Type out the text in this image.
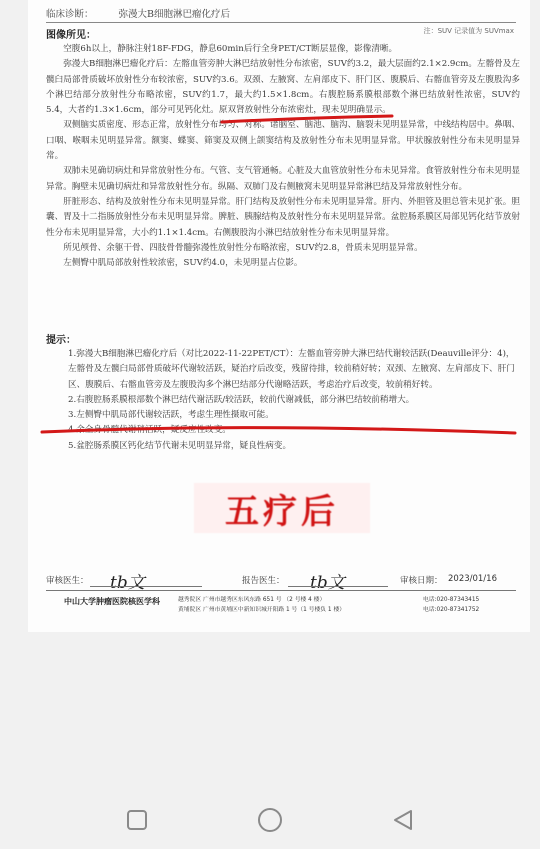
临床诊断：	弥漫大B细胞淋巴瘤化疗后
图像所见：	注：SUV 记录值为 SUVmax

空腹6h以上，静脉注射18F-FDG，静息60min后行全身PET/CT断层显像，影像清晰。

弥漫大B细胞淋巴瘤化疗后：左髂血管旁肿大淋巴结放射性分布浓密，SUV约3.2，最大层面约2.1×2.9cm。左髂骨及左髋臼局部骨质破坏放射性分布较浓密，SUV约3.6。双颈、左腋窝、左肩部皮下、肝门区、腹膜后、右髂血管旁及左腹股沟多个淋巴结部分放射性分布略浓密，SUV约1.7，最大约1.5×1.8cm。右腹腔肠系膜根部数个淋巴结放射性浓密，SUV约5.4，大者约1.3×1.6cm，部分可见钙化灶。原双肾放射性分布浓密灶，现未见明确显示。

双侧脑实质密度、形态正常，放射性分布均匀、对称。诸脑室、脑池、脑沟、脑裂未见明显异常，中线结构居中。鼻咽、口咽、喉咽未见明显异常。额窦、蝶窦、筛窦及双侧上颌窦结构及放射性分布未见明显异常。甲状腺放射性分布未见明显异常。

双肺未见确切病灶和异常放射性分布。气管、支气管通畅。心脏及大血管放射性分布未见异常。食管放射性分布未见明显异常。胸壁未见确切病灶和异常放射性分布。纵隔、双肺门及右侧腋窝未见明显异常淋巴结及异常放射性分布。

肝脏形态、结构及放射性分布未见明显异常。肝门结构及放射性分布未见明显异常。肝内、外胆管及胆总管未见扩张。胆囊、胃及十二指肠放射性分布未见明显异常。脾脏、胰腺结构及放射性分布未见明显异常。盆腔肠系膜区局部见钙化结节放射性分布未见明显异常，大小约1.1×1.4cm。右侧腹股沟小淋巴结放射性分布未见明显异常。

所见颅骨、余躯干骨、四肢骨骨髓弥漫性放射性分布略浓密，SUV约2.8，骨质未见明显异常。

左侧臀中肌局部放射性较浓密，SUV约4.0，未见明显占位影。

提示：

1.弥漫大B细胞淋巴瘤化疗后（对比2022-11-22PET/CT）：左髂血管旁肿大淋巴结代谢较活跃(Deauville评分：4)，左髂骨及左髋臼局部骨质破坏代谢较活跃，疑治疗后改变，残留待排，较前稍好转；双颈、左腋窝、左肩部皮下、肝门区、腹膜后、右髂血管旁及左腹股沟多个淋巴结部分代谢略活跃，考虑治疗后改变，较前稍好转。

2.右腹腔肠系膜根部数个淋巴结代谢活跃/较活跃，较前代谢减低，部分淋巴结较前稍增大。

3.左侧臀中肌局部代谢较活跃，考虑生理性摄取可能。

4.余全身骨髓代谢稍活跃，疑反应性改变。

5.盆腔肠系膜区钙化结节代谢未见明显异常，疑良性病变。

五疗后
审核医生： tb文	报告医生： tb文	审核日期： 2023/01/16
中山大学肿瘤医院核医学科	越秀院区 广州市越秀区东风东路 651 号 （2 号楼 4 楼）
黄埔院区 广州市黄埔区中新知识城开阳路 1 号（1 号楼负 1 楼）
电话:020-87343415
电话:020-87341752
